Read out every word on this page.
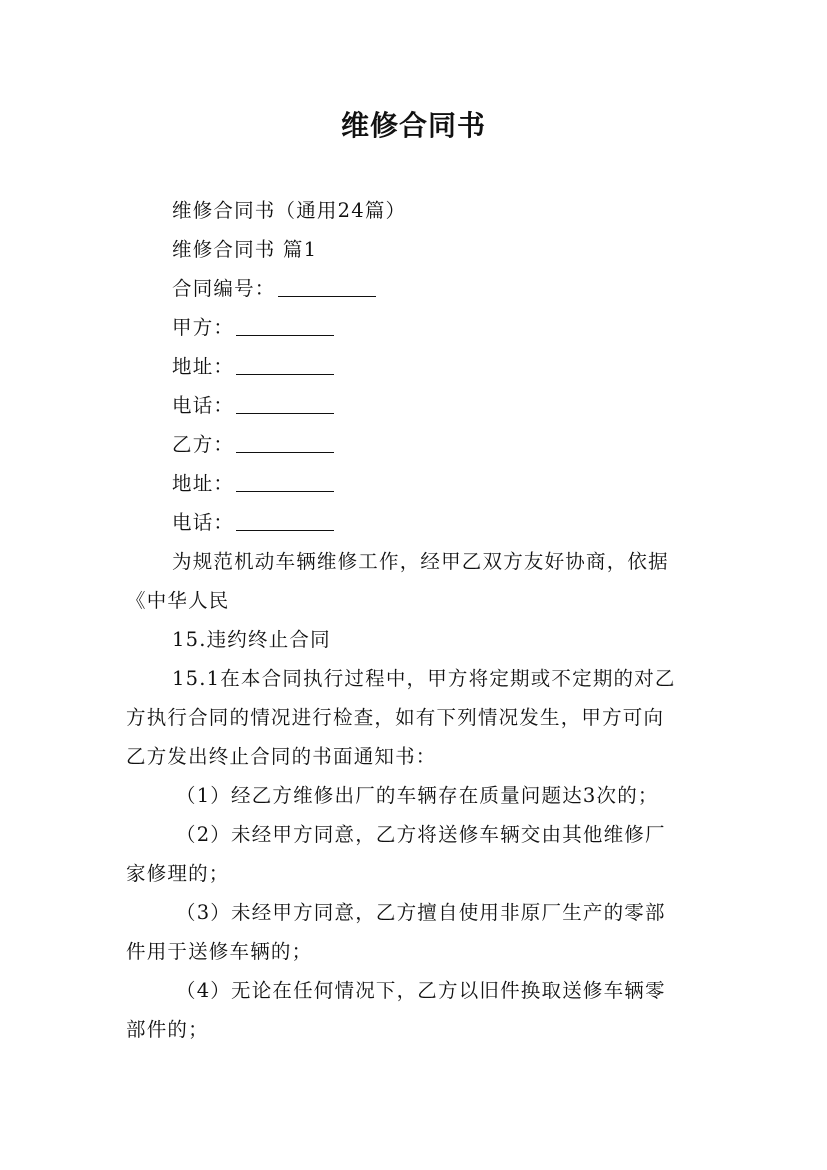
维修合同书
维修合同书（通用24篇）
维修合同书 篇1
合同编号：
甲方：
地址：
电话：
乙方：
地址：
电话：
为规范机动车辆维修工作，经甲乙双方友好协商，依据
《中华人民
15.违约终止合同
15.1在本合同执行过程中，甲方将定期或不定期的对乙
方执行合同的情况进行检查，如有下列情况发生，甲方可向
乙方发出终止合同的书面通知书：
（1）经乙方维修出厂的车辆存在质量问题达3次的；
（2）未经甲方同意，乙方将送修车辆交由其他维修厂
家修理的；
（3）未经甲方同意，乙方擅自使用非原厂生产的零部
件用于送修车辆的；
（4）无论在任何情况下，乙方以旧件换取送修车辆零
部件的；
